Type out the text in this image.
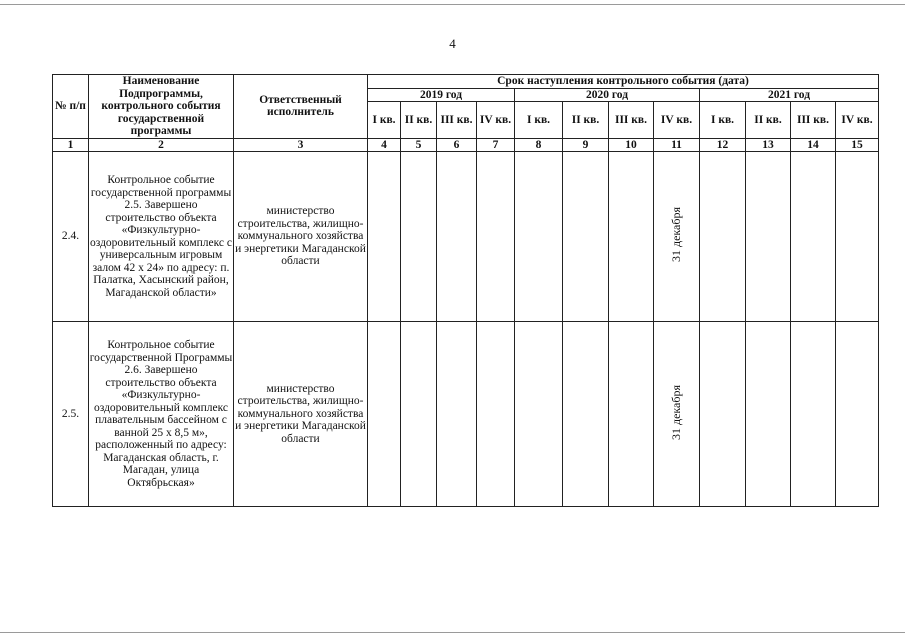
4
№ п/п	Наименование Подпрограммы, контрольного события государственной программы	Ответственный исполнитель	Срок наступления контрольного события (дата)											
			2019 год				2020 год				2021 год			
			I кв.	II кв.	III кв.	IV кв.	I кв.	II кв.	III кв.	IV кв.	I кв.	II кв.	III кв.	IV кв.
1	2	3	4	5	6	7	8	9	10	11	12	13	14	15
2.4.	Контрольное событие государственной программы 2.5. Завершено строительство объекта «Физкультурно-оздоровительный комплекс с универсальным игровым залом 42 х 24» по адресу: п. Палатка, Хасынский район, Магаданской области»	министерство строительства, жилищно-коммунального хозяйства и энергетики Магаданской области								31 декабря				
2.5.	Контрольное событие государственной Программы 2.6. Завершено строительство объекта «Физкультурно-оздоровительный комплекс плавательным бассейном с ванной 25 х 8,5 м», расположенный по адресу: Магаданская область, г. Магадан, улица Октябрьская»	министерство строительства, жилищно-коммунального хозяйства и энергетики Магаданской области								31 декабря				
